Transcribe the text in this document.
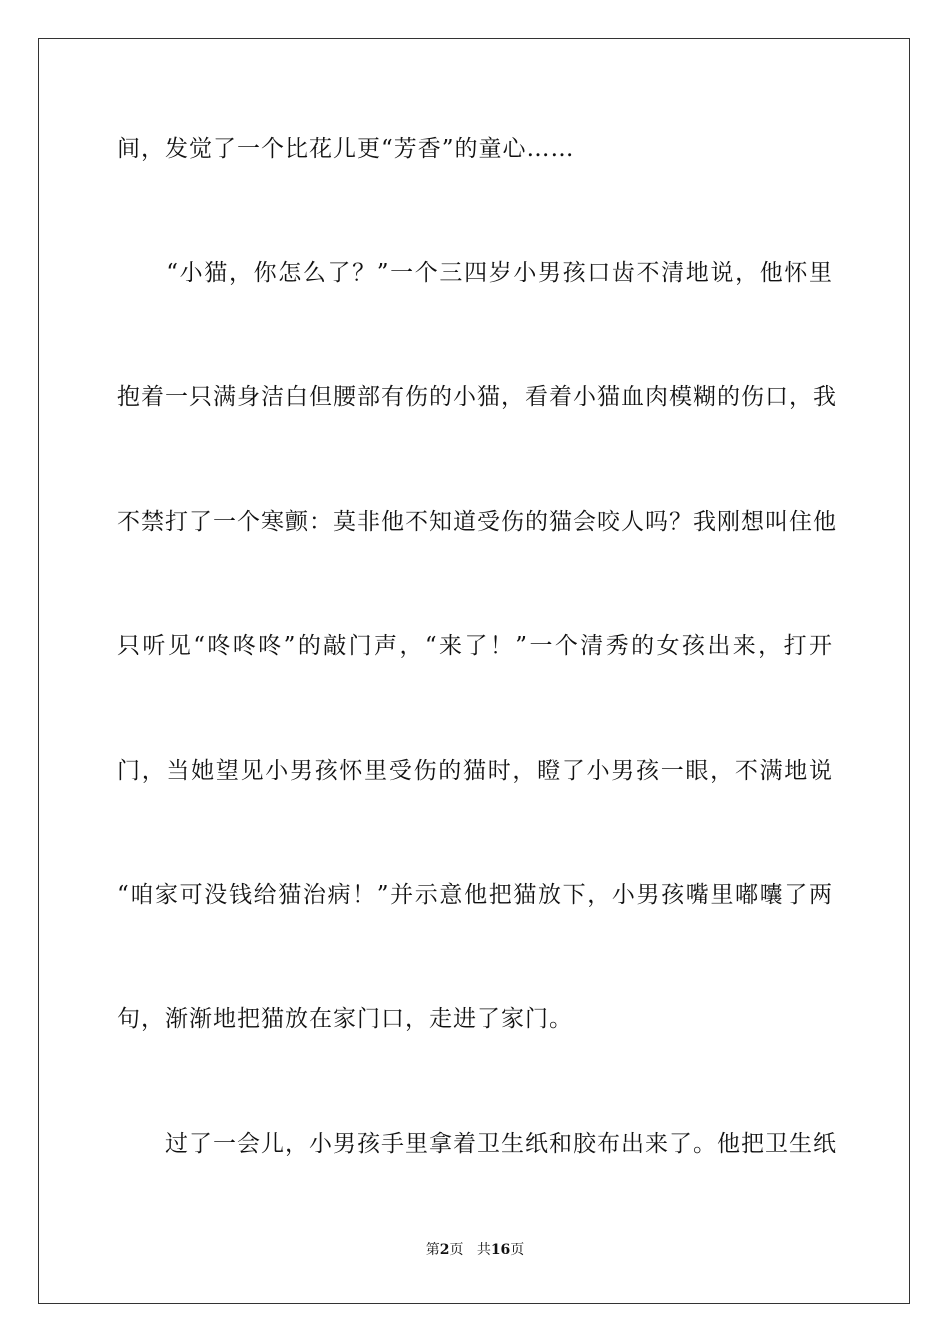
间，发觉了一个比花儿更“芳香”的童心……
　　“小猫，你怎么了？”一个三四岁小男孩口齿不清地说，他怀里
抱着一只满身洁白但腰部有伤的小猫，看着小猫血肉模糊的伤口，我
不禁打了一个寒颤：莫非他不知道受伤的猫会咬人吗？我刚想叫住他
只听见“咚咚咚”的敲门声，“来了！”一个清秀的女孩出来，打开
门，当她望见小男孩怀里受伤的猫时，瞪了小男孩一眼，不满地说
“咱家可没钱给猫治病！”并示意他把猫放下，小男孩嘴里嘟囔了两
句，渐渐地把猫放在家门口，走进了家门。
　　过了一会儿，小男孩手里拿着卫生纸和胶布出来了。他把卫生纸
第2页 共16页
